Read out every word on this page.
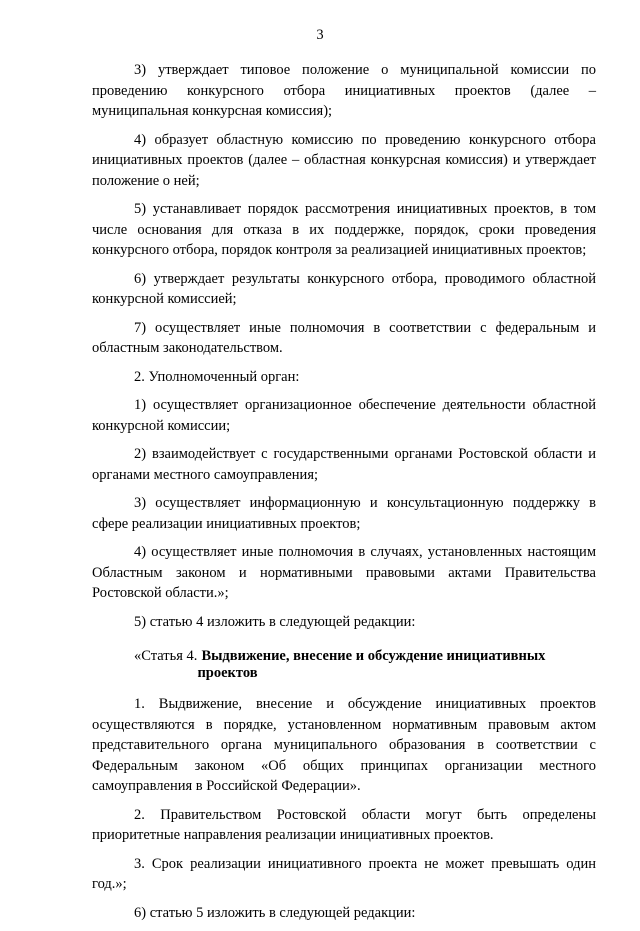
3

3) утверждает типовое положение о муниципальной комиссии по проведению конкурсного отбора инициативных проектов (далее – муниципальная конкурсная комиссия);

4) образует областную комиссию по проведению конкурсного отбора инициативных проектов (далее – областная конкурсная комиссия) и утверждает положение о ней;

5) устанавливает порядок рассмотрения инициативных проектов, в том числе основания для отказа в их поддержке, порядок, сроки проведения конкурсного отбора, порядок контроля за реализацией инициативных проектов;

6) утверждает результаты конкурсного отбора, проводимого областной конкурсной комиссией;

7) осуществляет иные полномочия в соответствии с федеральным и областным законодательством.

2. Уполномоченный орган:

1) осуществляет организационное обеспечение деятельности областной конкурсной комиссии;

2) взаимодействует с государственными органами Ростовской области и органами местного самоуправления;

3) осуществляет информационную и консультационную поддержку в сфере реализации инициативных проектов;

4) осуществляет иные полномочия в случаях, установленных настоящим Областным законом и нормативными правовыми актами Правительства Ростовской области.»;

5) статью 4 изложить в следующей редакции:

«Статья 4. Выдвижение, внесение и обсуждение инициативных проектов

1. Выдвижение, внесение и обсуждение инициативных проектов осуществляются в порядке, установленном нормативным правовым актом представительного органа муниципального образования в соответствии с Федеральным законом «Об общих принципах организации местного самоуправления в Российской Федерации».

2. Правительством Ростовской области могут быть определены приоритетные направления реализации инициативных проектов.

3. Срок реализации инициативного проекта не может превышать один год.»;

6) статью 5 изложить в следующей редакции:
